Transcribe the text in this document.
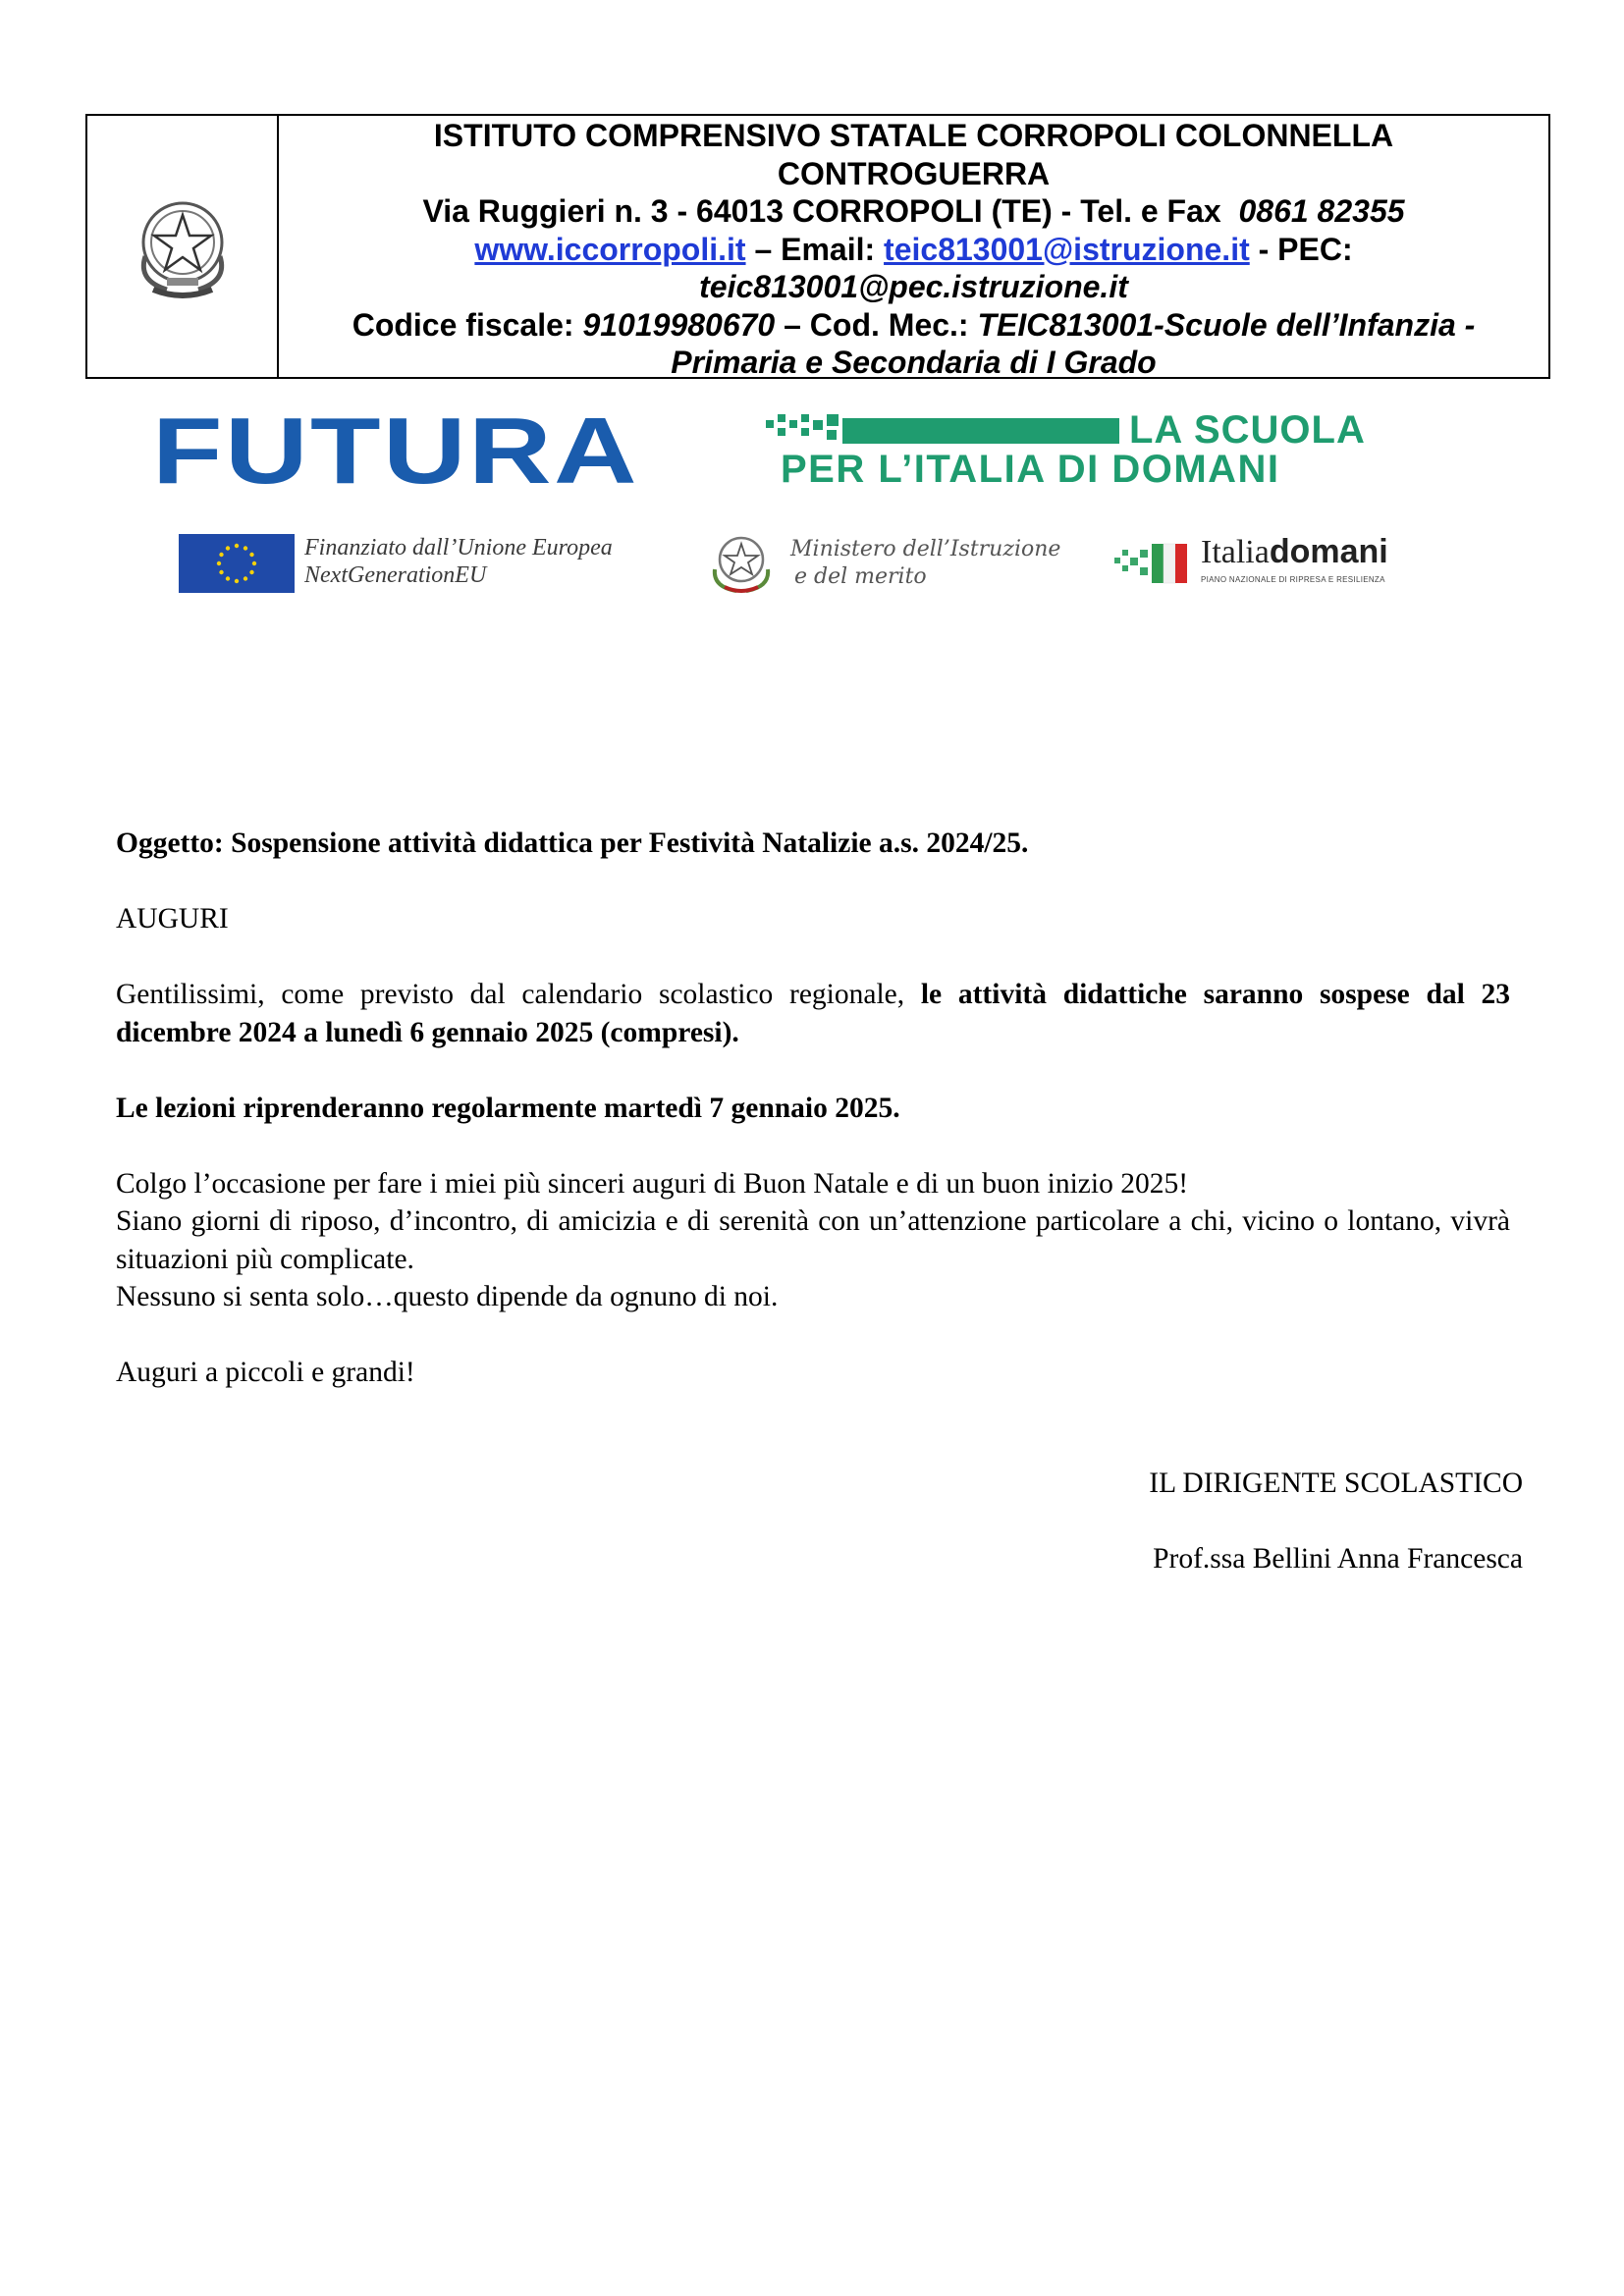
ISTITUTO COMPRENSIVO STATALE CORROPOLI COLONNELLA
CONTROGUERRA
Via Ruggieri n. 3 - 64013 CORROPOLI (TE) - Tel. e Fax 0861 82355
www.iccorropoli.it – Email: teic813001@istruzione.it - PEC:
teic813001@pec.istruzione.it
Codice fiscale: 91019980670 – Cod. Mec.: TEIC813001-Scuole dell’Infanzia -
Primaria e Secondaria di I Grado
FUTURA	LA SCUOLA
PER L’ITALIA DI DOMANI
Finanziato dall’Unione Europea
NextGenerationEU
Ministero dell’Istruzione
e del merito
Italiadomani
PIANO NAZIONALE DI RIPRESA E RESILIENZA

Oggetto: Sospensione attività didattica per Festività Natalizie a.s. 2024/25.

AUGURI

Gentilissimi, come previsto dal calendario scolastico regionale, le attività didattiche saranno sospese dal 23 dicembre 2024 a lunedì 6 gennaio 2025 (compresi).

Le lezioni riprenderanno regolarmente martedì 7 gennaio 2025.

Colgo l’occasione per fare i miei più sinceri auguri di Buon Natale e di un buon inizio 2025!

Siano giorni di riposo, d’incontro, di amicizia e di serenità con un’attenzione particolare a chi, vicino o lontano, vivrà situazioni più complicate.

Nessuno si senta solo…questo dipende da ognuno di noi.

Auguri a piccoli e grandi!

IL DIRIGENTE SCOLASTICO

Prof.ssa Bellini Anna Francesca
